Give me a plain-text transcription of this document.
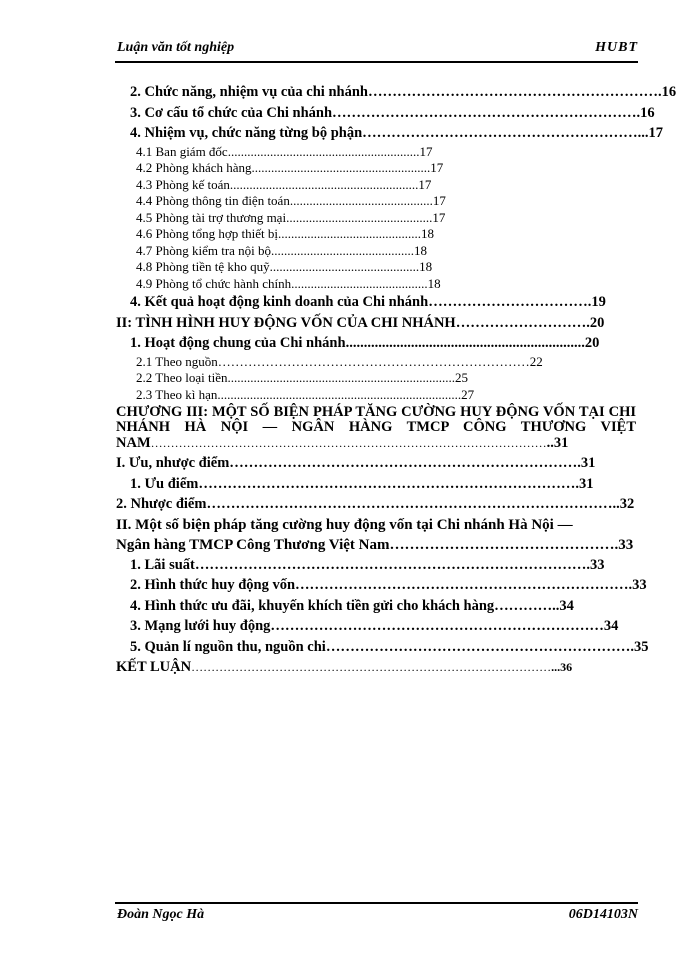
Luận văn tốt nghiệp	HUBT
2. Chức năng, nhiệm vụ của chi nhánh…………………………………………………….16
3. Cơ cấu tổ chức của Chi nhánh……………………………………………………….16
4. Nhiệm vụ, chức năng từng bộ phận…………………………………………………...17
4.1 Ban giám đốc...........................................................17
4.2 Phòng khách hàng.......................................................17
4.3 Phòng kế toán..........................................................17
4.4 Phòng thông tin điện toán............................................17
4.5 Phòng tài trợ thương mại.............................................17
4.6 Phòng tổng hợp thiết bị............................................18
4.7 Phòng kiểm tra nội bộ............................................18
4.8 Phòng tiền tệ kho quỹ..............................................18
4.9 Phòng tổ chức hành chính..........................................18
4. Kết quả hoạt động kinh doanh của Chi nhánh…………………………….19
II: TÌNH HÌNH HUY ĐỘNG VỐN CỦA CHI NHÁNH……………………….20
1. Hoạt động chung của Chi nhánh..................................................................20
2.1 Theo nguồn………………………………………………………………22
2.2 Theo loại tiền......................................................................25
2.3 Theo kì hạn...........................................................................27
CHƯƠNG III: MỘT SỐ BIỆN PHÁP TĂNG CƯỜNG HUY ĐỘNG VỐN TẠI CHI NHÁNH HÀ NỘI — NGÂN HÀNG TMCP CÔNG THƯƠNG VIỆT
NAM………………………………………………………………………………………..31
I. Ưu, nhược điểm……………………………………………………………….31
1. Ưu điểm…………………………………………………………………….31
2. Nhược điểm…………………………………………………………………………..32
II. Một số biện pháp tăng cường huy động vốn tại Chi nhánh Hà Nội —
Ngân hàng TMCP Công Thương Việt Nam……………………………………….33
1. Lãi suất……………………………………………………………………….33
2. Hình thức huy động vốn…………………………………………………………….33
4. Hình thức ưu đãi, khuyến khích tiền gửi cho khách hàng…………..34
3. Mạng lưới huy động……………………………………………………………34
5. Quản lí nguồn thu, nguồn chi……………………………………………………….35
KẾT LUẬN………………………………………………………………………………...36
Đoàn Ngọc Hà	06D14103N
